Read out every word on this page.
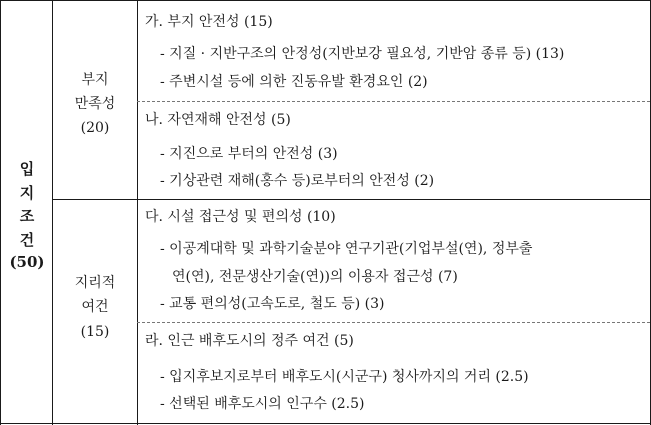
입
지
조
건
(50)
부지
만족성
(20)
지리적
여건
(15)
가. 부지 안전성 (15)
- 지질 · 지반구조의 안정성(지반보강 필요성, 기반암 종류 등) (13)
- 주변시설 등에 의한 진동유발 환경요인 (2)
나. 자연재해 안전성 (5)
- 지진으로 부터의 안전성 (3)
- 기상관련 재해(홍수 등)로부터의 안전성 (2)
다. 시설 접근성 및 편의성 (10)
- 이공계대학 및 과학기술분야 연구기관(기업부설(연), 정부출
연(연), 전문생산기술(연))의 이용자 접근성 (7)
- 교통 편의성(고속도로, 철도 등) (3)
라. 인근 배후도시의 정주 여건 (5)
- 입지후보지로부터 배후도시(시군구) 청사까지의 거리 (2.5)
- 선택된 배후도시의 인구수 (2.5)
